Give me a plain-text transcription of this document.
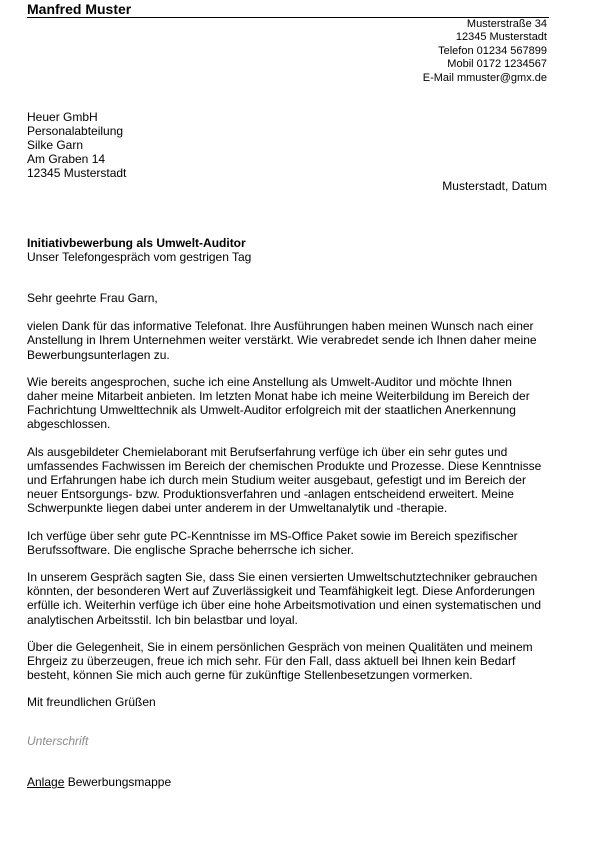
Manfred Muster
Musterstraße 34
12345 Musterstadt
Telefon 01234 567899
Mobil 0172 1234567
E-Mail mmuster@gmx.de
Heuer GmbH
Personalabteilung
Silke Garn
Am Graben 14
12345 Musterstadt
Musterstadt, Datum
Initiativbewerbung als Umwelt-Auditor
Unser Telefongespräch vom gestrigen Tag

Sehr geehrte Frau Garn,

vielen Dank für das informative Telefonat. Ihre Ausführungen haben meinen Wunsch nach einer
Anstellung in Ihrem Unternehmen weiter verstärkt. Wie verabredet sende ich Ihnen daher meine
Bewerbungsunterlagen zu.

Wie bereits angesprochen, suche ich eine Anstellung als Umwelt-Auditor und möchte Ihnen
daher meine Mitarbeit anbieten. Im letzten Monat habe ich meine Weiterbildung im Bereich der
Fachrichtung Umwelttechnik als Umwelt-Auditor erfolgreich mit der staatlichen Anerkennung
abgeschlossen.

Als ausgebildeter Chemielaborant mit Berufserfahrung verfüge ich über ein sehr gutes und
umfassendes Fachwissen im Bereich der chemischen Produkte und Prozesse. Diese Kenntnisse
und Erfahrungen habe ich durch mein Studium weiter ausgebaut, gefestigt und im Bereich der
neuer Entsorgungs- bzw. Produktionsverfahren und -anlagen entscheidend erweitert. Meine
Schwerpunkte liegen dabei unter anderem in der Umweltanalytik und -therapie.

Ich verfüge über sehr gute PC-Kenntnisse im MS-Office Paket sowie im Bereich spezifischer
Berufssoftware. Die englische Sprache beherrsche ich sicher.

In unserem Gespräch sagten Sie, dass Sie einen versierten Umweltschutztechniker gebrauchen
könnten, der besonderen Wert auf Zuverlässigkeit und Teamfähigkeit legt. Diese Anforderungen
erfülle ich. Weiterhin verfüge ich über eine hohe Arbeitsmotivation und einen systematischen und
analytischen Arbeitsstil. Ich bin belastbar und loyal.

Über die Gelegenheit, Sie in einem persönlichen Gespräch von meinen Qualitäten und meinem
Ehrgeiz zu überzeugen, freue ich mich sehr. Für den Fall, dass aktuell bei Ihnen kein Bedarf
besteht, können Sie mich auch gerne für zukünftige Stellenbesetzungen vormerken.

Mit freundlichen Grüßen

Unterschrift
Anlage Bewerbungsmappe
